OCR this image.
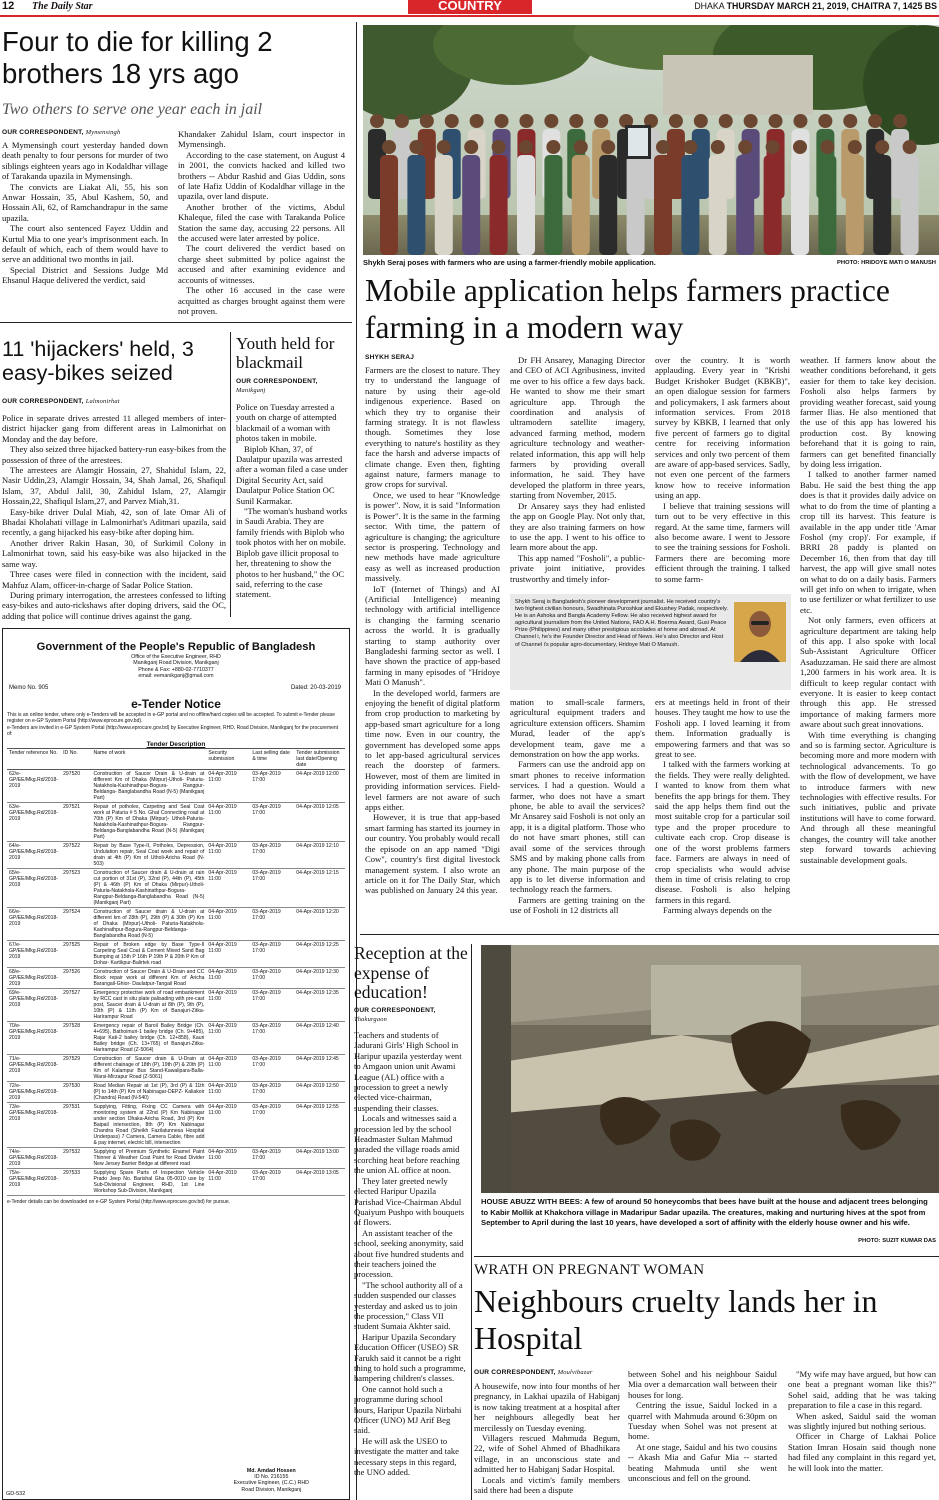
12 The Daily Star	COUNTRY	DHAKA THURSDAY MARCH 21, 2019, CHAITRA 7, 1425 BS
Four to die for killing 2 brothers 18 yrs ago
Two others to serve one year each in jail
OUR CORRESPONDENT, Mymensingh

A Mymensingh court yesterday handed down death penalty to four persons for murder of two siblings eighteen years ago in Kodaldhar village of Tarakanda upazila in Mymensingh.

The convicts are Liakat Ali, 55, his son Anwar Hossain, 35, Abul Kashem, 50, and Hossain Ali, 62, of Ramchandrapur in the same upazila.

The court also sentenced Fayez Uddin and Kurtul Mia to one year's imprisonment each. In default of which, each of them would have to serve an additional two months in jail.

Special District and Sessions Judge Md Ehsanul Haque delivered the verdict, said

Khandaker Zahidul Islam, court inspector in Mymensingh.

According to the case statement, on August 4 in 2001, the convicts hacked and killed two brothers -- Abdur Rashid and Gias Uddin, sons of late Hafiz Uddin of Kodaldhar village in the upazila, over land dispute.

Another brother of the victims, Abdul Khaleque, filed the case with Tarakanda Police Station the same day, accusing 22 persons. All the accused were later arrested by police.

The court delivered the verdict based on charge sheet submitted by police against the accused and after examining evidence and accounts of witnesses.

The other 16 accused in the case were acquitted as charges brought against them were not proven.

11 'hijackers' held, 3 easy-bikes seized
OUR CORRESPONDENT, Lalmonirhat

Police in separate drives arrested 11 alleged members of inter-district hijacker gang from different areas in Lalmonirhat on Monday and the day before.

They also seized three hijacked battery-run easy-bikes from the possession of three of the arrestees.

The arrestees are Alamgir Hossain, 27, Shahidul Islam, 22, Nasir Uddin,23, Alamgir Hossain, 34, Shah Jamal, 26, Shafiqul Islam, 37, Abdul Jalil, 30, Zahidul Islam, 27, Alamgir Hossain,22, Shafiqul Islam,27, and Parvez Miah,31.

Easy-bike driver Dulal Miah, 42, son of late Omar Ali of Bhadai Kholahati village in Lalmonirhat's Aditmari upazila, said recently, a gang hijacked his easy-bike after doping him.

Another driver Rakin Hasan, 30, of Surkimil Colony in Lalmonirhat town, said his easy-bike was also hijacked in the same way.

Three cases were filed in connection with the incident, said Mahfuz Alam, officer-in-charge of Sadar Police Station.

During primary interrogation, the arrestees confessed to lifting easy-bikes and auto-rickshaws after doping drivers, said the OC, adding that police will continue drives against the gang.

Youth held for blackmail
OUR CORRESPONDENT,
Manikganj

Police on Tuesday arrested a youth on charge of attempted blackmail of a woman with photos taken in mobile.

Biplob Khan, 37, of Daulatpur upazila was arrested after a woman filed a case under Digital Security Act, said Daulatpur Police Station OC Sunil Karmakar.

"The woman's husband works in Saudi Arabia. They are family friends with Biplob who took photos with her on mobile. Biplob gave illicit proposal to her, threatening to show the photos to her husband," the OC said, referring to the case statement.

Government of the People's Republic of Bangladesh
Office of the Executive Engineer, RHD
Manikganj Road Division, Manikganj
Phone & Fax: +880-02-7710377
email: eemanikganj@gmail.com
Memo No. 905	Dated: 20-03-2019
e-Tender Notice
This is an online tender, where only e-Tenders will be accepted in e-GP portal and no offline/hard copies will be accepted. To submit e-Tender please register on e-GP System Portal (http://www.eprocure.gov.bd).
e-Tenders are invited in e-GP System Portal (http://www.eprocure.gov.bd) by Executive Engineer, RHD, Road Division, Manikganj for the procurement of:
Tender Description
Tender reference No.	ID No.	Name of work	Security submission	Last selling date & time	Tender submission last date/Opening date
62/e-GP/EE/Mkg.Rd/2018-2019	297520	Construction of Saucer Drain & U-drain at different Km of Dhaka (Mirpur)-Utholi- Paturia-Natakhola-Kashinathpur-Bogura- Rangpur- Beldanga- Banglabandha Road (N-5) (Manikganj Part)	04-Apr-2019 11:00	03-Apr-2019 17:00	04-Apr-2019 12:00
63/e-GP/EE/Mkg.Rd/2018-2019	297521	Repair of potholes, Carpeting and Seal Coat work at Paturia # 5 No. Ghat Connecting road at 70th (P) Km of Dhaka (Mirpur)- Utholi-Paturia-Natakhola-Kashinathpur-Bogura- Rangpur- Beldanga-Banglabandha Road (N-5) (Manikganj Part)	04-Apr-2019 11:00	03-Apr-2019 17:00	04-Apr-2019 12:05
64/e-GP/EE/Mkg.Rd/2018-2019	297522	Repair by Base Type-II, Potholes, Depression, Undulation repair, Seal Coat woek and repair of drain at 4th (P) Km of Utholi-Aricha Road (N-503)	04-Apr-2019 11:00	03-Apr-2019 17:00	04-Apr-2019 12:10
65/e-GP/EE/Mkg.Rd/2018-2019	297523	Construction of Saucer drain & U-drain at rain cut portion of 31st (P), 32nd (P), 44th (P), 45th (P) & 46th (P) Km of Dhaka (Mirpur)-Utholi-Paturia-Natakhola-Kashinathpur-Bogura-Rangpur-Beldanga-Banglabandha Road (N-5) (Manikganj Part)	04-Apr-2019 11:00	03-Apr-2019 17:00	04-Apr-2019 12:15
66/e-GP/EE/Mkg.Rd/2018-2019	297524	Construction of Saucer drain & U-drain at different km of 28th (P), 29th (P) & 30th (P) Km of Dhaka (Mirpur)-Utholi- Paturia-Natakhola- Kashinathpur-Bogura-Rangpur-Beldanga-Banglabandha Road (N-5)	04-Apr-2019 11:00	03-Apr-2019 17:00	04-Apr-2019 12:20
67/e-GP/EE/Mkg.Rd/2018-2019	297525	Repair of Broken edge by Base Type-II Carpeting Seal Coat & Cement Mixed Sand Bag Bumping at 15th P 16th P 19th P & 20th P Km of Dohar- Kartikpur-Balirtek road	04-Apr-2019 11:00	03-Apr-2019 17:00	04-Apr-2019 12:25
68/e-GP/EE/Mkg.Rd/2018-2019	297526	Construction of Saucer Drain & U-Drain and CC Block repair work at different Km of Aricha Barangail-Ghior- Daulatpur-Tangail Road	04-Apr-2019 11:00	03-Apr-2019 17:00	04-Apr-2019 12:30
69/e-GP/EE/Mkg.Rd/2018-2019	297527	Emergency protective work of road embankment by RCC cast in situ plate palisading with pre-cast post, Saucer drain & U-drain at 8th (P), 9th (P), 10th (P) & 11th (P) Km of Banajuri-Zitka-Harirampur Road	04-Apr-2019 11:00	03-Apr-2019 17:00	04-Apr-2019 12:35
70/e-GP/EE/Mkg.Rd/2018-2019	297528	Emergency repair of Baroil Bailey Bridge (Ch. 4+695), Bathoimuri-1 bailey bridge (Ch. 9+485), Rajar Kati-2 bailey bridge (Ch. 12+858), Kauri Bailey bridge (Ch. 13+765) of Banajuri-Zitka- Harirampur Road (Z-5064)	04-Apr-2019 11:00	03-Apr-2019 17:00	04-Apr-2019 12:40
71/e-GP/EE/Mkg.Rd/2018-2019	297529	Construction of Saucer drain & U-Drain at different chainage of 18th (P), 19th (P) & 20th (P) Km of Kalampur Bus Stand-Kawalipara-Balla-Warsi-Mirzapur Road (Z-5061)	04-Apr-2019 11:00	03-Apr-2019 17:00	04-Apr-2019 12:45
72/e-GP/EE/Mkg.Rd/2018-2019	297530	Road Median Repair at 1st (P), 3rd (P) & 11th (P) to 14th (P) Km of Nabinagar-DEPZ- Kaliakoir (Chandra) Road (N-540)	04-Apr-2019 11:00	03-Apr-2019 17:00	04-Apr-2019 12:50
73/e-GP/EE/Mkg.Rd/2018-2019	297531	Supplying, Fitting, Fixing CC Camera with monitoring system at 22nd (P) Km Nabinagar under section Dhaka-Aricha Road, 3rd (P) Km Baipail intersection, 8th (P) Km Nabinagar Chandra Road (Sheikh Fazilatunnesa Hospital Underpass) 7 Camera, Camera Cable, fibre add & pay internet, electric bill, intersection	04-Apr-2019 11:00	03-Apr-2019 17:00	04-Apr-2019 12:55
74/e-GP/EE/Mkg.Rd/2018-2019	297532	Supplying of Premium Synthetic Enamel Paint Thinner & Weather Coat Paint for Road Divider New Jersey Barrier Bridge at different road	04-Apr-2019 11:00	03-Apr-2019 17:00	04-Apr-2019 13:00
75/e-GP/EE/Mkg.Rd/2018-2019	297533	Supplying Spare Parts of Inspection Vehicle Prado Jeep No. Barishal Gha 05-0010 use by Sub-Divisional Engineer, RHD, 1st Line Workshop Sub-Division, Manikganj	04-Apr-2019 11:00	03-Apr-2019 17:00	04-Apr-2019 13:05
e-Tender details can be downloaded on e-GP System Portal (http://www.eprocure.gov.bd) for pursue.
Md. Amdad Hossen
ID No. 216155
Executive Engineer, (C.C.) RHD
Road Division, Manikganj
GD-532
Shykh Seraj poses with farmers who are using a farmer-friendly mobile application.	PHOTO: HRIDOYE MATI O MANUSH
Mobile application helps farmers practice farming in a modern way
SHYKH SERAJ

Farmers are the closest to nature. They try to understand the language of nature by using their age-old indigenous experience. Based on which they try to organise their farming strategy. It is not flawless though. Sometimes they lose everything to nature's hostility as they face the harsh and adverse impacts of climate change. Even then, fighting against nature, farmers manage to grow crops for survival.

Once, we used to hear "Knowledge is power". Now, it is said "Information is Power". It is the same in the farming sector. With time, the pattern of agriculture is changing; the agriculture sector is prospering. Technology and new methods have made agriculture easy as well as increased production massively.

IoT (Internet of Things) and AI (Artificial Intelligence) meaning technology with artificial intelligence is changing the farming scenario across the world. It is gradually starting to stamp authority over Bangladeshi farming sector as well. I have shown the practice of app-based farming in many episodes of "Hridoye Mati O Manush".

In the developed world, farmers are enjoying the benefit of digital platform from crop production to marketing by app-based smart agriculture for a long time now. Even in our country, the government has developed some apps to let app-based agricultural services reach the doorstep of farmers. However, most of them are limited in providing information services. Field-level farmers are not aware of such apps either.

However, it is true that app-based smart farming has started its journey in our country. You probably would recall the episode on an app named "Digi Cow", country's first digital livestock management system. I also wrote an article on it for The Daily Star, which was published on January 24 this year.

Dr FH Ansarey, Managing Director and CEO of ACI Agribusiness, invited me over to his office a few days back. He wanted to show me their smart agriculture app. Through the coordination and analysis of ultramodern satellite imagery, advanced farming method, modern agriculture technology and weather-related information, this app will help farmers by providing overall information, he said. They have developed the platform in three years, starting from November, 2015.

Dr Ansarey says they had enlisted the app on Google Play. Not only that, they are also training farmers on how to use the app. I went to his office to learn more about the app.

This app named "Fosholi", a public-private joint initiative, provides trustworthy and timely infor-

over the country. It is worth applauding. Every year in "Krishi Budget Krishoker Budget (KBKB)", an open dialogue session for farmers and policymakers, I ask farmers about information services. From 2018 survey by KBKB, I learned that only five percent of farmers go to digital centre for receiving information services and only two percent of them are aware of app-based services. Sadly, not even one percent of the farmers know how to receive information using an app.

I believe that training sessions will turn out to be very effective in this regard. At the same time, farmers will also become aware. I went to Jessore to see the training sessions for Fosholi. Farmers there are becoming more efficient through the training. I talked to some farm-

Shykh Seraj is Bangladesh's pioneer development journalist. He received country's two highest civilian honours, Swadhinata Puroshkar and Ekushey Padak, respectively. He is an Ashoka and Bangla Academy Fellow. He also received highest award for agricultural journalism from the United Nations, FAO A.H. Boerma Award, Gusi Peace Prize (Philippines) and many other prestigious accolades at home and abroad. At Channel i, he's the Founder Director and Head of News. He's also Director and Host of Channel i's popular agro-documentary, Hridoye Mati O Manush.

mation to small-scale farmers, agricultural equipment traders and agriculture extension officers. Shamim Murad, leader of the app's development team, gave me a demonstration on how the app works.

Farmers can use the android app on smart phones to receive information services. I had a question. Would a farmer, who does not have a smart phone, be able to avail the services? Mr Ansarey said Fosholi is not only an app, it is a digital platform. Those who do not have smart phones, still can avail some of the services through SMS and by making phone calls from any phone. The main purpose of the app is to let diverse information and technology reach the farmers.

Farmers are getting training on the use of Fosholi in 12 districts all

ers at meetings held in front of their houses. They taught me how to use the Fosholi app. I loved learning it from them. Information gradually is empowering farmers and that was so great to see.

I talked with the farmers working at the fields. They were really delighted. I wanted to know from them what benefits the app brings for them. They said the app helps them find out the most suitable crop for a particular soil type and the proper procedure to cultivate each crop. Crop disease is one of the worst problems farmers face. Farmers are always in need of crop specialists who would advise them in time of crisis relating to crop disease. Fosholi is also helping farmers in this regard.

Farming always depends on the

weather. If farmers know about the weather conditions beforehand, it gets easier for them to take key decision. Fosholi also helps farmers by providing weather forecast, said young farmer Ilias. He also mentioned that the use of this app has lowered his production cost. By knowing beforehand that it is going to rain, farmers can get benefited financially by doing less irrigation.

I talked to another farmer named Babu. He said the best thing the app does is that it provides daily advice on what to do from the time of planting a crop till its harvest. This feature is available in the app under title 'Amar Foshol (my crop)'. For example, if BRRI 28 paddy is planted on December 16, then from that day till harvest, the app will give small notes on what to do on a daily basis. Farmers will get info on when to irrigate, when to use fertilizer or what fertilizer to use etc.

Not only farmers, even officers at agriculture department are taking help of this app. I also spoke with local Sub-Assistant Agriculture Officer Asaduzzaman. He said there are almost 1,200 farmers in his work area. It is difficult to keep regular contact with everyone. It is easier to keep contact through this app. He stressed importance of making farmers more aware about such great innovations.

With time everything is changing and so is farming sector. Agriculture is becoming more and more modern with technological advancements. To go with the flow of development, we have to introduce farmers with new technologies with effective results. For such initiatives, public and private institutions will have to come forward. And through all these meaningful changes, the country will take another step forward towards achieving sustainable development goals.

Reception at the expense of education!
OUR CORRESPONDENT,
Thakurgaon

Teachers and students of Jadurani Girls' High School in Haripur upazila yesterday went to Amgaon union unit Awami League (AL) office with a procession to greet a newly elected vice-chairman, suspending their classes.

Locals and witnesses said a procession led by the school Headmaster Sultan Mahmud paraded the village roads amid scorching heat before reaching the union AL office at noon.

They later greeted newly elected Haripur Upazila Parishad Vice-Chairman Abdul Quaiyum Pushpo with bouquets of flowers.

An assistant teacher of the school, seeking anonymity, said about five hundred students and their teachers joined the procession.

"The school authority all of a sudden suspended our classes yesterday and asked us to join the procession," Class VII student Sumaia Akhter said.

Haripur Upazila Secondary Education Officer (USEO) SR Farukh said it cannot be a right thing to hold such a programme, hampering children's classes.

One cannot hold such a programme during school hours, Haripur Upazila Nirbahi Officer (UNO) MJ Arif Beg said.

He will ask the USEO to investigate the matter and take necessary steps in this regard, the UNO added.

HOUSE ABUZZ WITH BEES: A few of around 50 honeycombs that bees have built at the house and adjacent trees belonging to Kabir Mollik at Khakchora village in Madaripur Sadar upazila. The creatures, making and nurturing hives at the spot from September to April during the last 10 years, have developed a sort of affinity with the elderly house owner and his wife.
PHOTO: SUZIT KUMAR DAS
WRATH ON PREGNANT WOMAN
Neighbours cruelty lands her in Hospital
OUR CORRESPONDENT, Moulvibazar

A housewife, now into four months of her pregnancy, in Lakhai upazila of Habiganj is now taking treatment at a hospital after her neighbours allegedly beat her mercilessly on Tuesday evening.

Villagers rescued Mahmuda Begum, 22, wife of Sohel Ahmed of Bhadhikara village, in an unconscious state and admitted her to Habiganj Sadar Hospital.

Locals and victim's family members said there had been a dispute

between Sohel and his neighbour Saidul Mia over a demarcation wall between their houses for long.

Centring the issue, Saidul locked in a quarrel with Mahmuda around 6:30pm on Tuesday when Sohel was not present at home.

At one stage, Saidul and his two cousins -- Akash Mia and Gafur Mia -- started beating Mahmuda until she went unconscious and fell on the ground.

"My wife may have argued, but how can one beat a pregnant woman like this?" Sohel said, adding that he was taking preparation to file a case in this regard.

When asked, Saidul said the woman was slightly injured but nothing serious.

Officer in Charge of Lakhai Police Station Imran Hosain said though none had filed any complaint in this regard yet, he will look into the matter.
